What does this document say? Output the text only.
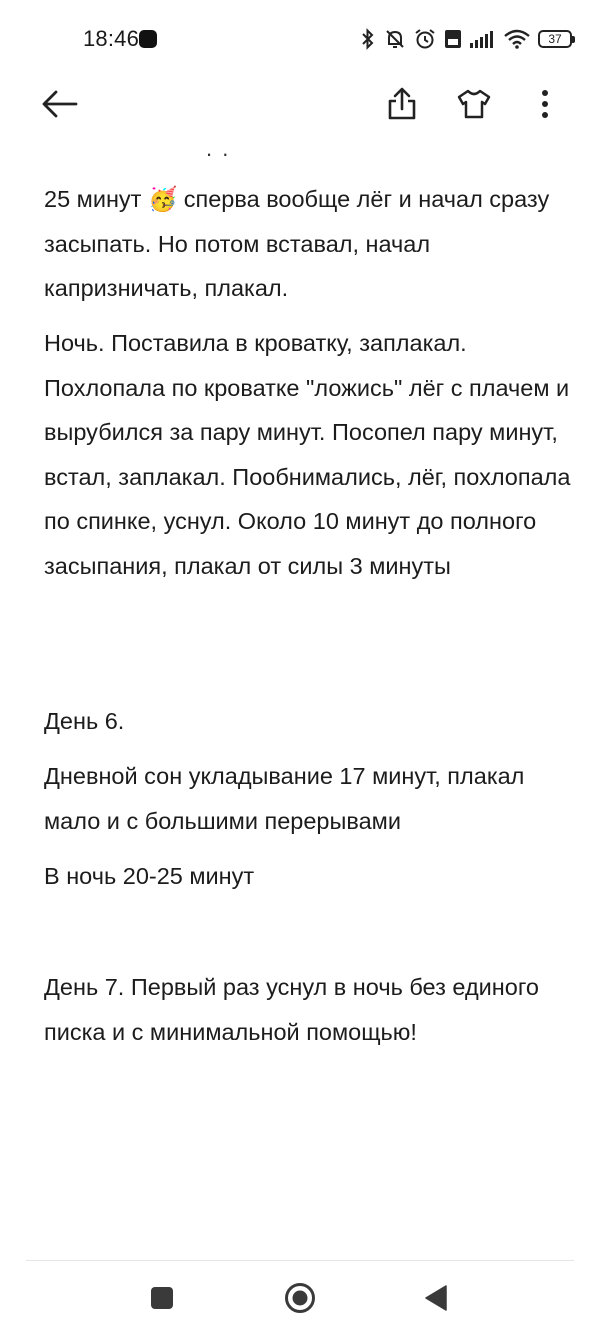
18:46	37
. .

25 минут 🥳 сперва вообще лёг и начал сразу засыпать. Но потом вставал, начал капризничать, плакал.

Ночь. Поставила в кроватку, заплакал. Похлопала по кроватке "ложись" лёг с плачем и вырубился за пару минут. Посопел пару минут, встал, заплакал. Пообнимались, лёг, похлопала по спинке, уснул. Около 10 минут до полного засыпания, плакал от силы 3 минуты

День 6.

Дневной сон укладывание 17 минут, плакал мало и с большими перерывами

В ночь 20-25 минут

День 7. Первый раз уснул в ночь без единого писка и с минимальной помощью!
